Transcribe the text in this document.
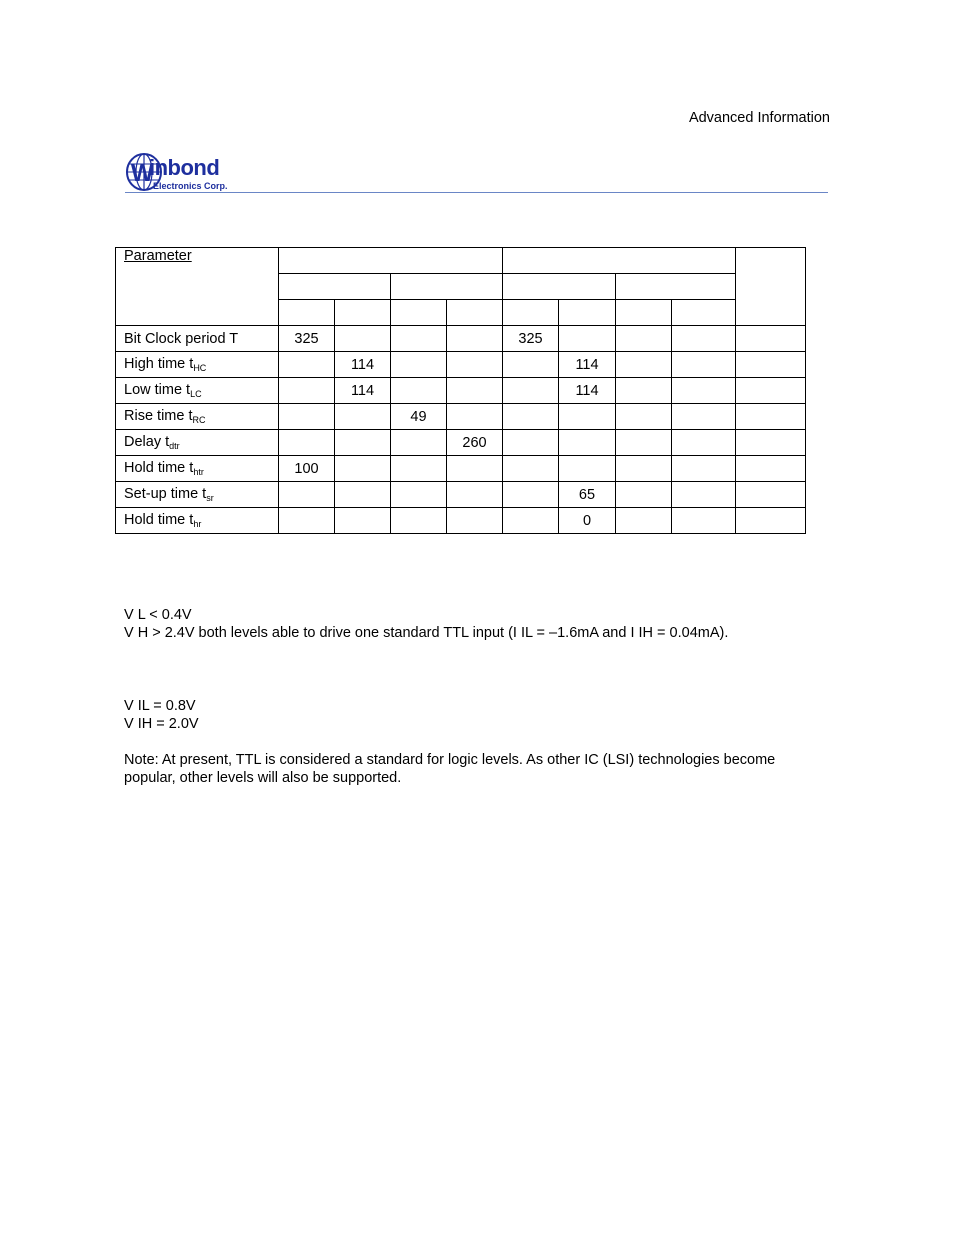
Advanced Information
W
inbond
Electronics Corp.
Parameter									

Bit Clock period T	325				325				
High time $t_{HC}$		114				114			
Low time $t_{LC}$		114				114			
Rise time $t_{RC}$			49						
Delay $t_{dtr}$				260					
Hold time $t_{htr}$	100								
Set-up time $t_{sr}$						65			
Hold time $t_{hr}$						0			
V L < 0.4V
V H > 2.4V both levels able to drive one standard TTL input (I IL = –1.6mA and I IH = 0.04mA).
V IL = 0.8V
V IH = 2.0V
Note: At present, TTL is considered a standard for logic levels. As other IC (LSI) technologies become
popular, other levels will also be supported.
